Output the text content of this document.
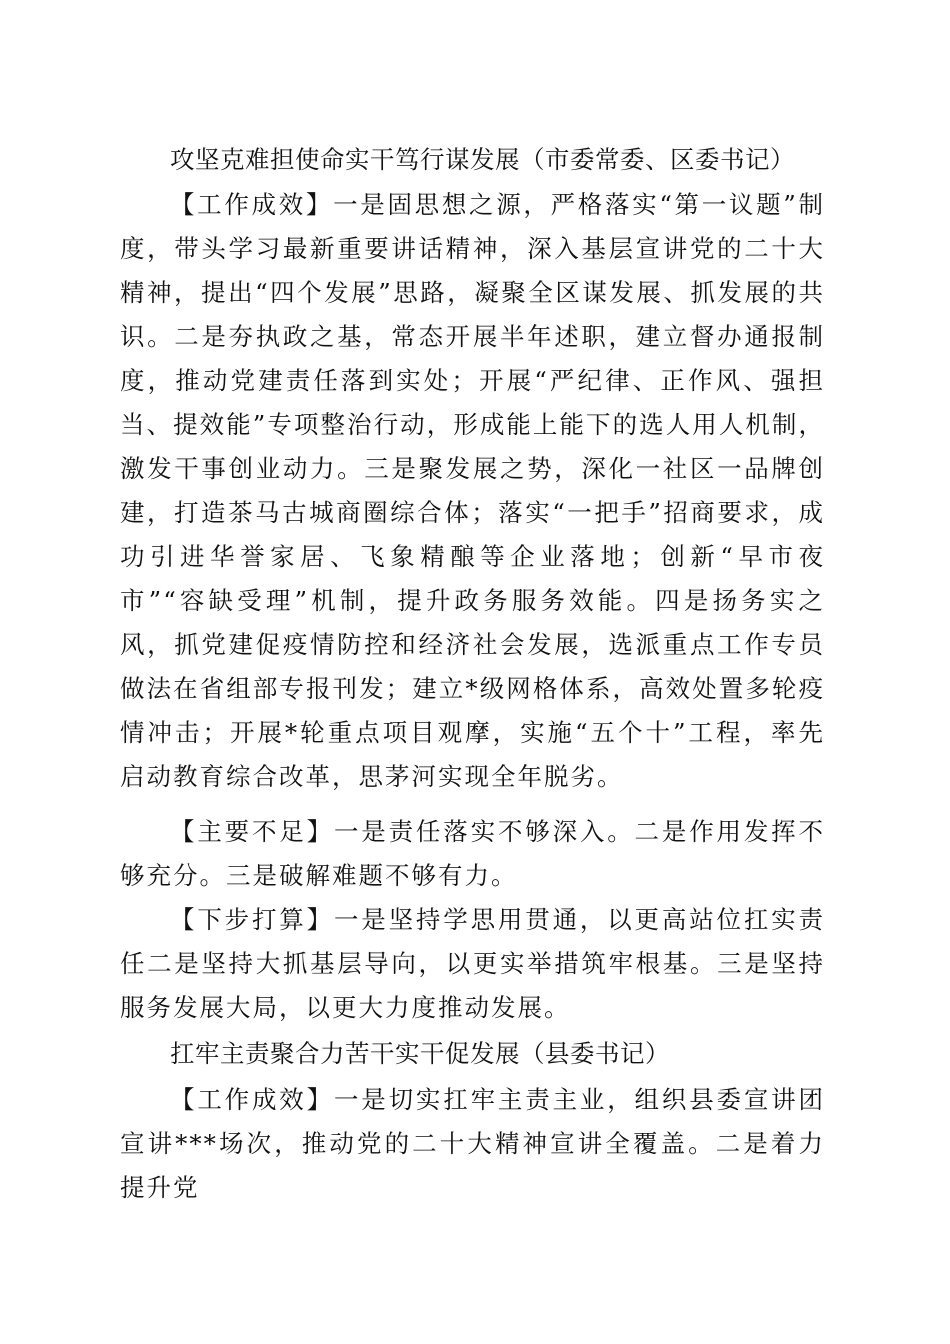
攻坚克难担使命实干笃行谋发展（市委常委、区委书记）

【工作成效】一是固思想之源，严格落实“第一议题”制度，带头学习最新重要讲话精神，深入基层宣讲党的二十大精神，提出“四个发展”思路，凝聚全区谋发展、抓发展的共识。二是夯执政之基，常态开展半年述职，建立督办通报制度，推动党建责任落到实处；开展“严纪律、正作风、强担当、提效能”专项整治行动，形成能上能下的选人用人机制，激发干事创业动力。三是聚发展之势，深化一社区一品牌创建，打造茶马古城商圈综合体；落实“一把手”招商要求，成功引进华誉家居、飞象精酿等企业落地；创新“早市夜市”“容缺受理”机制，提升政务服务效能。四是扬务实之风，抓党建促疫情防控和经济社会发展，选派重点工作专员做法在省组部专报刊发；建立*级网格体系，高效处置多轮疫情冲击；开展*轮重点项目观摩，实施“五个十”工程，率先启动教育综合改革，思茅河实现全年脱劣。

【主要不足】一是责任落实不够深入。二是作用发挥不够充分。三是破解难题不够有力。

【下步打算】一是坚持学思用贯通，以更高站位扛实责任二是坚持大抓基层导向，以更实举措筑牢根基。三是坚持服务发展大局，以更大力度推动发展。

扛牢主责聚合力苦干实干促发展（县委书记）

【工作成效】一是切实扛牢主责主业，组织县委宣讲团宣讲***场次，推动党的二十大精神宣讲全覆盖。二是着力提升党
